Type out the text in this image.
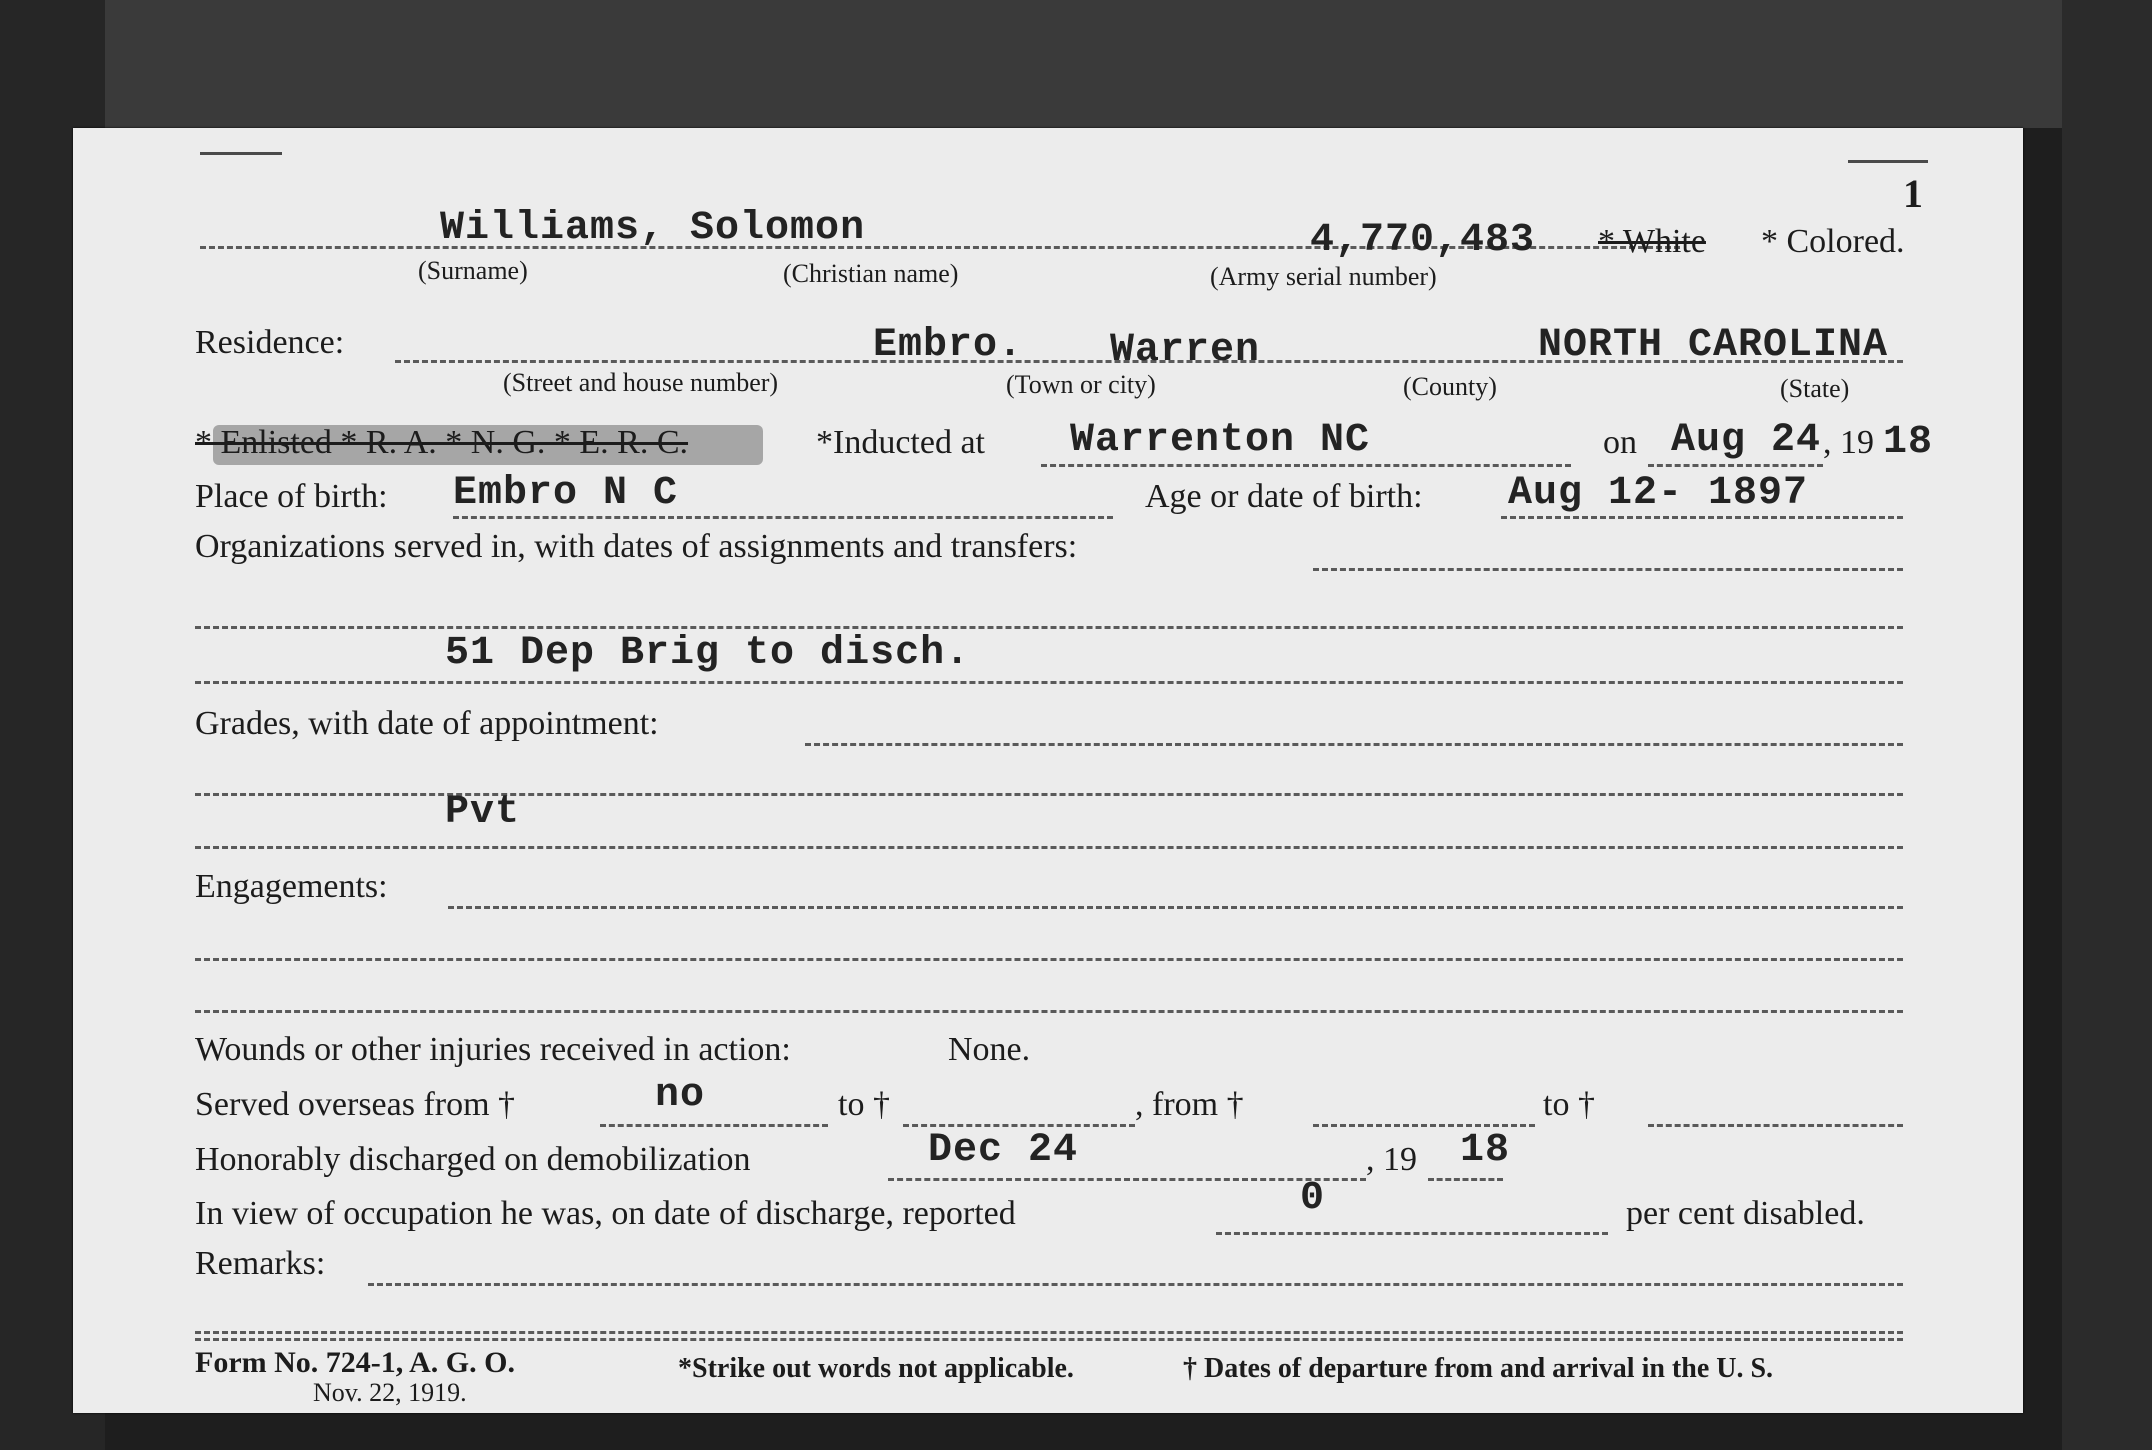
1
Williams, Solomon	4,770,483 * White * Colored.
(Surname)	(Christian name)	(Army serial number)
Residence:	Embro. Warren	NORTH CAROLINA
(Street and house number)	(Town or city)	(County)	(State)
* Enlisted * R. A. * N. G. * E. R. C.	*Inducted at Warrenton NC	on Aug 24 , 19 18
Place of birth: Embro N C	Age or date of birth: Aug 12- 1897
Organizations served in, with dates of assignments and transfers:
51 Dep Brig to disch.
Grades, with date of appointment:
Pvt
Engagements:
Wounds or other injuries received in action:	None.
Served overseas from †	no	to †	, from †	to †
Honorably discharged on demobilization	Dec 24	, 19 18
In view of occupation he was, on date of discharge, reported	0	per cent disabled.
Remarks:
Form No. 724-1, A. G. O.
Nov. 22, 1919.
*Strike out words not applicable.	† Dates of departure from and arrival in the U. S.
